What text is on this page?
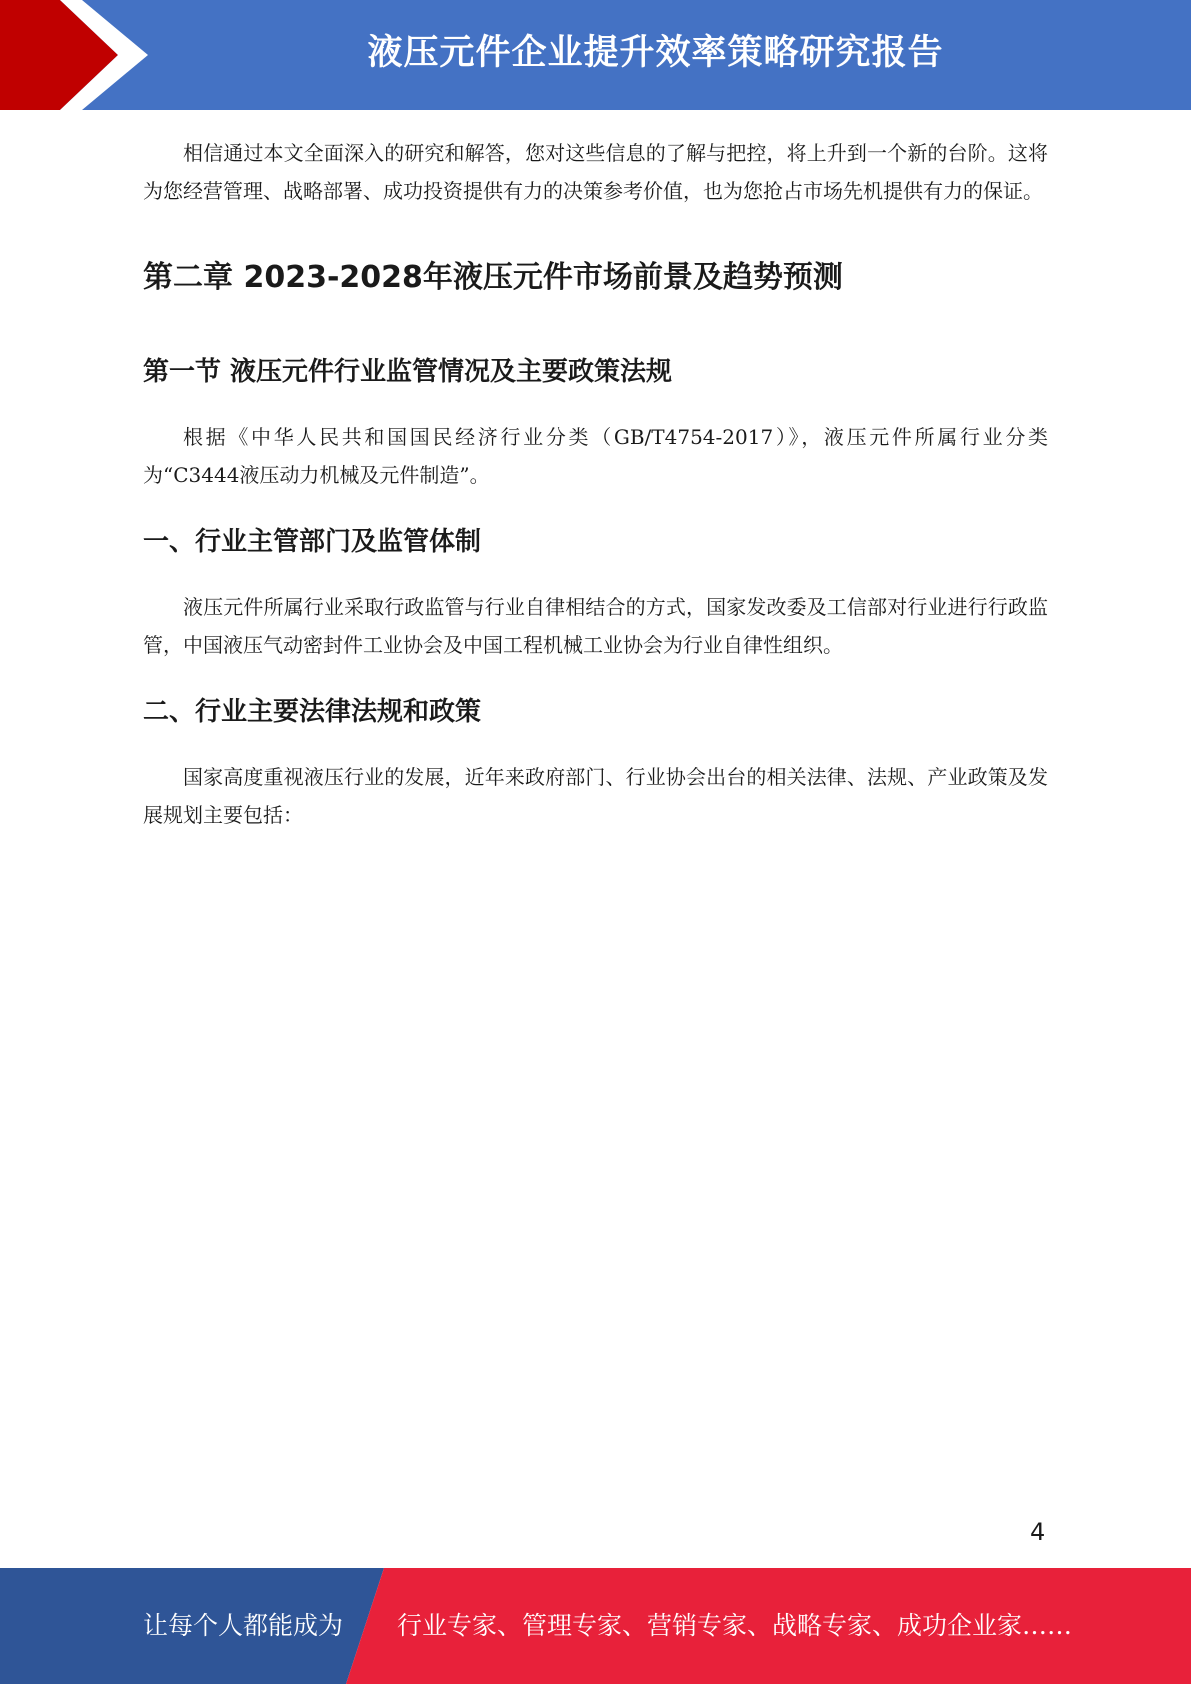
液压元件企业提升效率策略研究报告

相信通过本文全面深入的研究和解答，您对这些信息的了解与把控，将上升到一个新的台阶。这将为您经营管理、战略部署、成功投资提供有力的决策参考价值，也为您抢占市场先机提供有力的保证。

第二章 2023-2028年液压元件市场前景及趋势预测
第一节 液压元件行业监管情况及主要政策法规

根据《中华人民共和国国民经济行业分类（GB/T4754-2017）》，液压元件所属行业分类为“C3444液压动力机械及元件制造”。

一、行业主管部门及监管体制

液压元件所属行业采取行政监管与行业自律相结合的方式，国家发改委及工信部对行业进行行政监管，中国液压气动密封件工业协会及中国工程机械工业协会为行业自律性组织。

二、行业主要法律法规和政策

国家高度重视液压行业的发展，近年来政府部门、行业协会出台的相关法律、法规、产业政策及发展规划主要包括：

4
让每个人都能成为 行业专家、管理专家、营销专家、战略专家、成功企业家……
